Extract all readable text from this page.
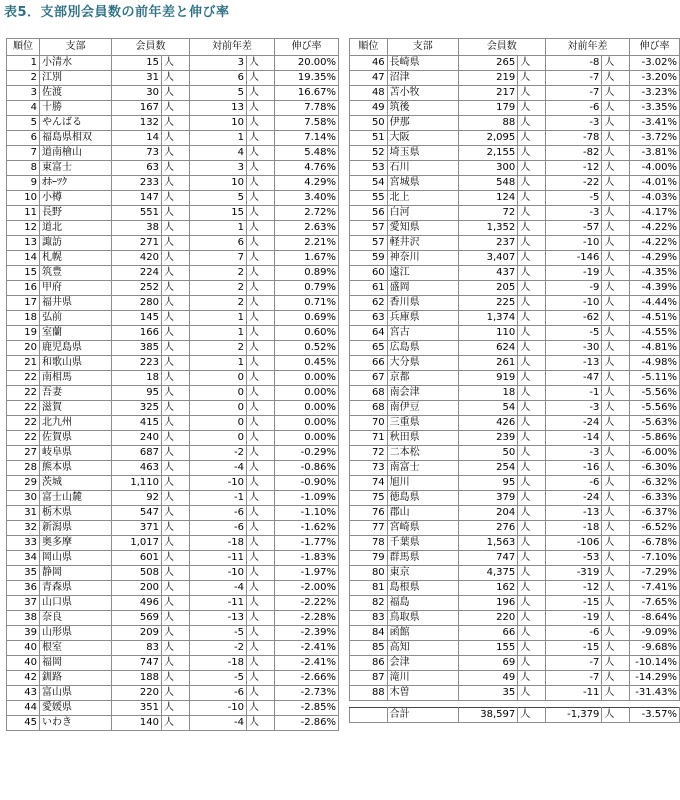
表5．支部別会員数の前年差と伸び率
順位	支部	会員数		対前年差		伸び率
1	小清水	15	人	3	人	20.00%
2	江別	31	人	6	人	19.35%
3	佐渡	30	人	5	人	16.67%
4	十勝	167	人	13	人	7.78%
5	やんばる	132	人	10	人	7.58%
6	福島県相双	14	人	1	人	7.14%
7	道南檜山	73	人	4	人	5.48%
8	東富士	63	人	3	人	4.76%
9	ｵﾎｰﾂｸ	233	人	10	人	4.29%
10	小樽	147	人	5	人	3.40%
11	長野	551	人	15	人	2.72%
12	道北	38	人	1	人	2.63%
13	諏訪	271	人	6	人	2.21%
14	札幌	420	人	7	人	1.67%
15	筑豊	224	人	2	人	0.89%
16	甲府	252	人	2	人	0.79%
17	福井県	280	人	2	人	0.71%
18	弘前	145	人	1	人	0.69%
19	室蘭	166	人	1	人	0.60%
20	鹿児島県	385	人	2	人	0.52%
21	和歌山県	223	人	1	人	0.45%
22	南相馬	18	人	0	人	0.00%
22	吾妻	95	人	0	人	0.00%
22	滋賀	325	人	0	人	0.00%
22	北九州	415	人	0	人	0.00%
22	佐賀県	240	人	0	人	0.00%
27	岐阜県	687	人	-2	人	-0.29%
28	熊本県	463	人	-4	人	-0.86%
29	茨城	1,110	人	-10	人	-0.90%
30	富士山麓	92	人	-1	人	-1.09%
31	栃木県	547	人	-6	人	-1.10%
32	新潟県	371	人	-6	人	-1.62%
33	奥多摩	1,017	人	-18	人	-1.77%
34	岡山県	601	人	-11	人	-1.83%
35	静岡	508	人	-10	人	-1.97%
36	青森県	200	人	-4	人	-2.00%
37	山口県	496	人	-11	人	-2.22%
38	奈良	569	人	-13	人	-2.28%
39	山形県	209	人	-5	人	-2.39%
40	根室	83	人	-2	人	-2.41%
40	福岡	747	人	-18	人	-2.41%
42	釧路	188	人	-5	人	-2.66%
43	富山県	220	人	-6	人	-2.73%
44	愛媛県	351	人	-10	人	-2.85%
45	いわき	140	人	-4	人	-2.86%
順位	支部	会員数		対前年差		伸び率
46	長崎県	265	人	-8	人	-3.02%
47	沼津	219	人	-7	人	-3.20%
48	苫小牧	217	人	-7	人	-3.23%
49	筑後	179	人	-6	人	-3.35%
50	伊那	88	人	-3	人	-3.41%
51	大阪	2,095	人	-78	人	-3.72%
52	埼玉県	2,155	人	-82	人	-3.81%
53	石川	300	人	-12	人	-4.00%
54	宮城県	548	人	-22	人	-4.01%
55	北上	124	人	-5	人	-4.03%
56	白河	72	人	-3	人	-4.17%
57	愛知県	1,352	人	-57	人	-4.22%
57	軽井沢	237	人	-10	人	-4.22%
59	神奈川	3,407	人	-146	人	-4.29%
60	遠江	437	人	-19	人	-4.35%
61	盛岡	205	人	-9	人	-4.39%
62	香川県	225	人	-10	人	-4.44%
63	兵庫県	1,374	人	-62	人	-4.51%
64	宮古	110	人	-5	人	-4.55%
65	広島県	624	人	-30	人	-4.81%
66	大分県	261	人	-13	人	-4.98%
67	京都	919	人	-47	人	-5.11%
68	南会津	18	人	-1	人	-5.56%
68	南伊豆	54	人	-3	人	-5.56%
70	三重県	426	人	-24	人	-5.63%
71	秋田県	239	人	-14	人	-5.86%
72	二本松	50	人	-3	人	-6.00%
73	南富士	254	人	-16	人	-6.30%
74	旭川	95	人	-6	人	-6.32%
75	徳島県	379	人	-24	人	-6.33%
76	郡山	204	人	-13	人	-6.37%
77	宮崎県	276	人	-18	人	-6.52%
78	千葉県	1,563	人	-106	人	-6.78%
79	群馬県	747	人	-53	人	-7.10%
80	東京	4,375	人	-319	人	-7.29%
81	島根県	162	人	-12	人	-7.41%
82	福島	196	人	-15	人	-7.65%
83	鳥取県	220	人	-19	人	-8.64%
84	函館	66	人	-6	人	-9.09%
85	高知	155	人	-15	人	-9.68%
86	会津	69	人	-7	人	-10.14%
87	滝川	49	人	-7	人	-14.29%
88	木曽	35	人	-11	人	-31.43%

	合計	38,597	人	-1,379	人	-3.57%
